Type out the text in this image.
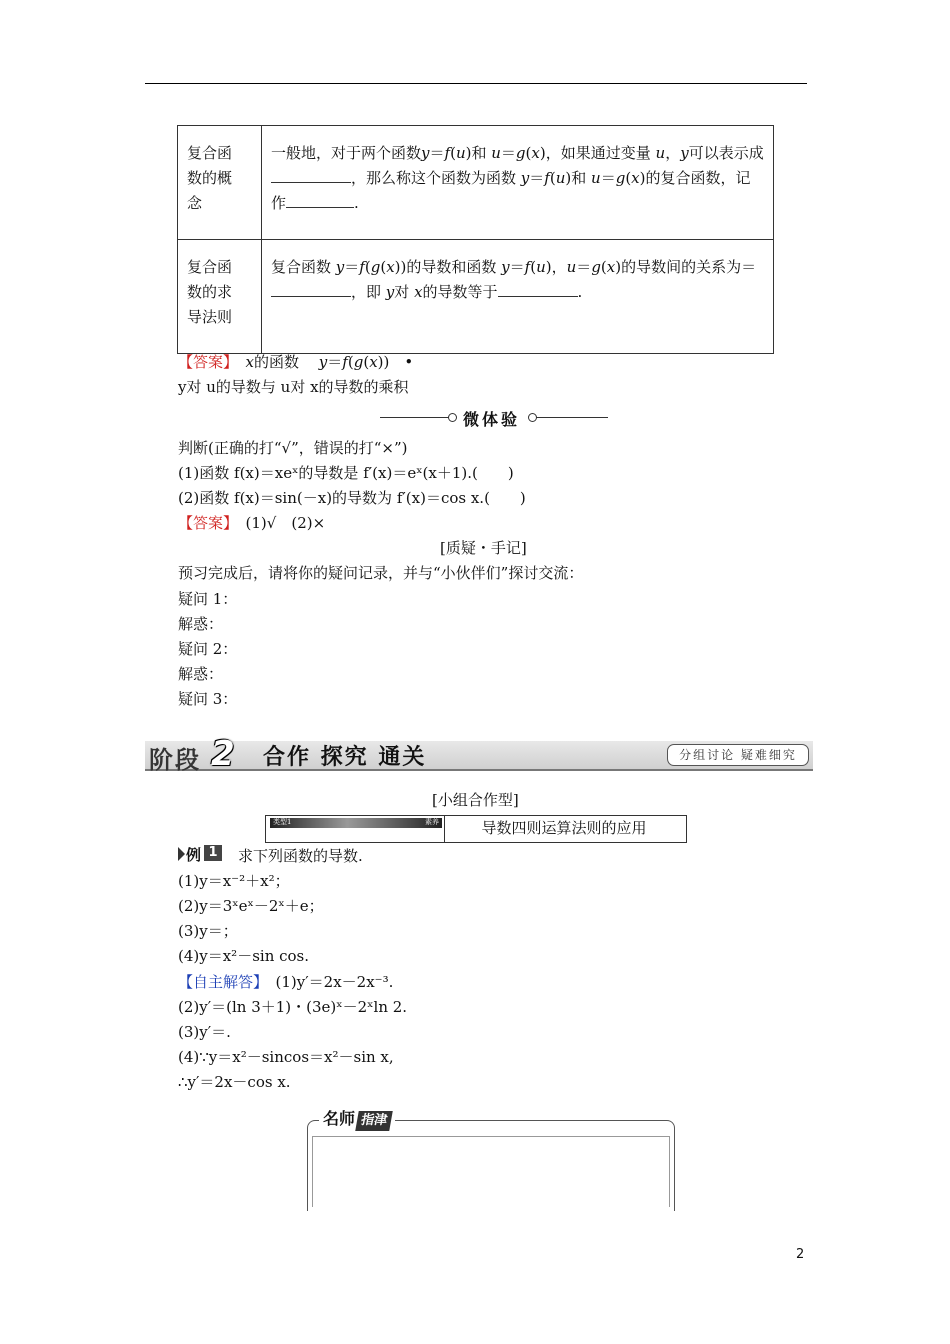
复合函
数的概
念	一般地，对于两个函数y＝f(u)和 u＝g(x)，如果通过变量 u，y可以表示成，那么称这个函数为函数 y＝f(u)和 u＝g(x)的复合函数，记作 .
复合函
数的求
导法则	复合函数 y＝f(g(x))的导数和函数 y＝f(u)，u＝g(x)的导数间的关系为＝，即 y对 x的导数等于 .
【答案】　 x的函数　 y＝f(g(x))　•
y对 u的导数与 u对 x的导数的乘积
微体验
判断(正确的打“√”，错误的打“×”)
(1)函数 f(x)＝xeˣ的导数是 f′(x)＝eˣ(x＋1).(　　)
(2)函数 f(x)＝sin(－x)的导数为 f′(x)＝cos x.(　　)
【答案】　 (1)√　(2)×
[质疑・手记]
预习完成后，请将你的疑问记录，并与“小伙伴们”探讨交流：
疑问 1：
解惑：
疑问 2：
解惑：
疑问 3：
阶段 2	合作 探究 通关	分组讨论 疑难细究
[小组合作型]
类型1	素养	导数四则运算法则的应用
例 1 求下列函数的导数.
(1)y＝x⁻²＋x²；
(2)y＝3ˣeˣ－2ˣ＋e；
(3)y＝；
(4)y＝x²－sin cos.
【自主解答】　 (1)y′＝2x－2x⁻³.
(2)y′＝(ln 3＋1)・(3e)ˣ－2ˣln 2.
(3)y′＝.
(4)∵y＝x²－sincos＝x²－sin x,
∴y′＝2x－cos x.
名师 指津
2
